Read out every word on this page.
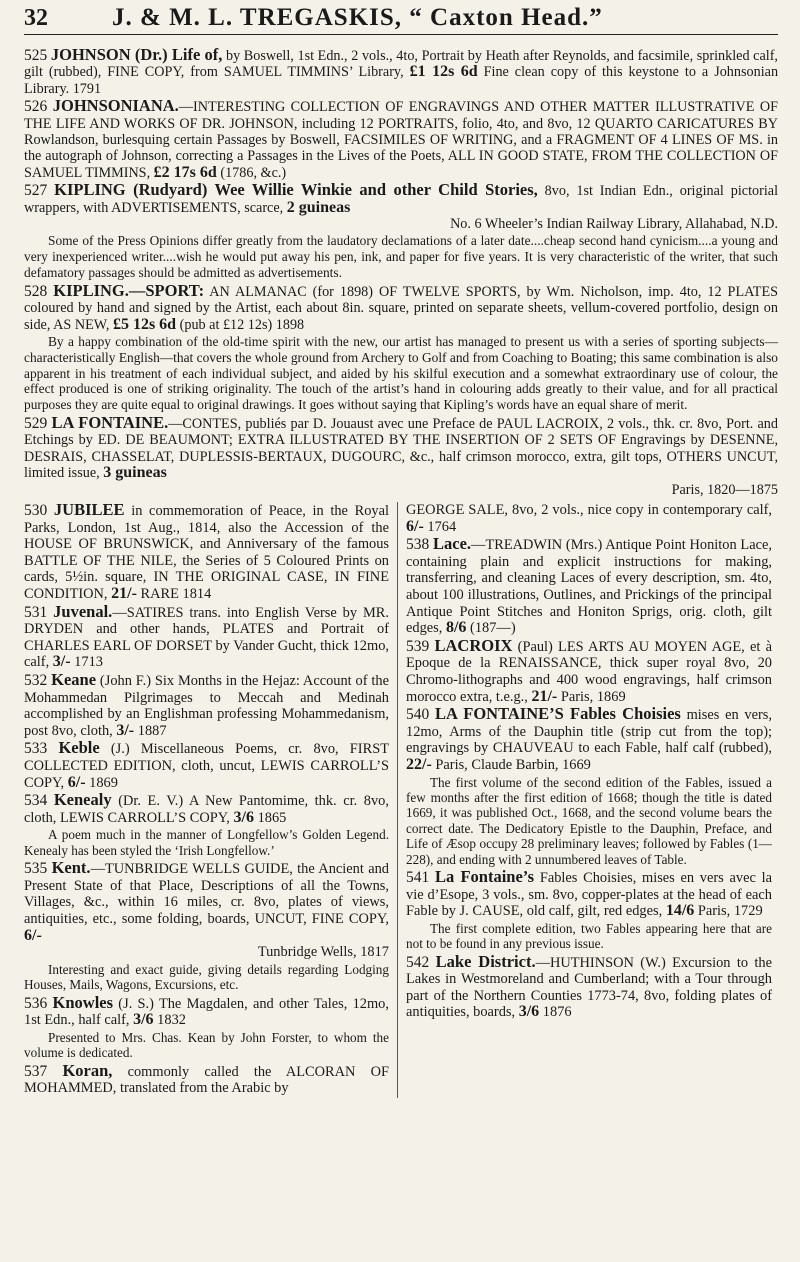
32	J. & M. L. TREGASKIS, “ Caxton Head.”

525 JOHNSON (Dr.) Life of, by Boswell, 1st Edn., 2 vols., 4to, Portrait by Heath after Reynolds, and facsimile, sprinkled calf, gilt (rubbed), FINE COPY, from SAMUEL TIMMINS’ Library, £1 12s 6d Fine clean copy of this keystone to a Johnsonian Library. 1791

526 JOHNSONIANA.—INTERESTING COLLECTION OF ENGRAVINGS AND OTHER MATTER ILLUSTRATIVE OF THE LIFE AND WORKS OF DR. JOHNSON, including 12 PORTRAITS, folio, 4to, and 8vo, 12 QUARTO CARICATURES BY Rowlandson, burlesquing certain Passages by Boswell, FACSIMILES OF WRITING, and a FRAGMENT OF 4 LINES OF MS. in the autograph of Johnson, correcting a Passages in the Lives of the Poets, ALL IN GOOD STATE, FROM THE COLLECTION OF SAMUEL TIMMINS, £2 17s 6d (1786, &c.)

527 KIPLING (Rudyard) Wee Willie Winkie and other Child Stories, 8vo, 1st Indian Edn., original pictorial wrappers, with ADVERTISEMENTS, scarce, 2 guineas
No. 6 Wheeler’s Indian Railway Library, Allahabad, N.D.

Some of the Press Opinions differ greatly from the laudatory declamations of a later date....cheap second hand cynicism....a young and very inexperienced writer....wish he would put away his pen, ink, and paper for five years. It is very characteristic of the writer, that such defamatory passages should be admitted as advertisements.

528 KIPLING.—SPORT: AN ALMANAC (for 1898) OF TWELVE SPORTS, by Wm. Nicholson, imp. 4to, 12 PLATES coloured by hand and signed by the Artist, each about 8in. square, printed on separate sheets, vellum-covered portfolio, design on side, AS NEW, £5 12s 6d (pub at £12 12s) 1898

By a happy combination of the old-time spirit with the new, our artist has managed to present us with a series of sporting subjects—characteristically English—that covers the whole ground from Archery to Golf and from Coaching to Boating; this same combination is also apparent in his treatment of each individual subject, and aided by his skilful execution and a somewhat extraordinary use of colour, the effect produced is one of striking originality. The touch of the artist’s hand in colouring adds greatly to their value, and for all practical purposes they are quite equal to original drawings. It goes without saying that Kipling’s words have an equal share of merit.

529 LA FONTAINE.—CONTES, publiés par D. Jouaust avec une Preface de PAUL LACROIX, 2 vols., thk. cr. 8vo, Port. and Etchings by ED. DE BEAUMONT; EXTRA ILLUSTRATED BY THE INSERTION OF 2 SETS OF Engravings by DESENNE, DESRAIS, CHASSELAT, DUPLESSIS-BERTAUX, DUGOURC, &c., half crimson morocco, extra, gilt tops, OTHERS UNCUT, limited issue, 3 guineas
Paris, 1820—1875

530 JUBILEE in commemoration of Peace, in the Royal Parks, London, 1st Aug., 1814, also the Accession of the HOUSE OF BRUNSWICK, and Anniversary of the famous BATTLE OF THE NILE, the Series of 5 Coloured Prints on cards, 5½in. square, IN THE ORIGINAL CASE, IN FINE CONDITION, 21/- RARE 1814

531 Juvenal.—SATIRES trans. into English Verse by MR. DRYDEN and other hands, PLATES and Portrait of CHARLES EARL OF DORSET by Vander Gucht, thick 12mo, calf, 3/- 1713

532 Keane (John F.) Six Months in the Hejaz: Account of the Mohammedan Pilgrimages to Meccah and Medinah accomplished by an Englishman professing Mohammedanism, post 8vo, cloth, 3/- 1887

533 Keble (J.) Miscellaneous Poems, cr. 8vo, FIRST COLLECTED EDITION, cloth, uncut, LEWIS CARROLL’S COPY, 6/- 1869

534 Kenealy (Dr. E. V.) A New Pantomime, thk. cr. 8vo, cloth, LEWIS CARROLL’S COPY, 3/6 1865

A poem much in the manner of Longfellow’s Golden Legend. Kenealy has been styled the ‘Irish Longfellow.’

535 Kent.—TUNBRIDGE WELLS GUIDE, the Ancient and Present State of that Place, Descriptions of all the Towns, Villages, &c., within 16 miles, cr. 8vo, plates of views, antiquities, etc., some folding, boards, UNCUT, FINE COPY, 6/-
Tunbridge Wells, 1817

Interesting and exact guide, giving details regarding Lodging Houses, Mails, Wagons, Excursions, etc.

536 Knowles (J. S.) The Magdalen, and other Tales, 12mo, 1st Edn., half calf, 3/6 1832

Presented to Mrs. Chas. Kean by John Forster, to whom the volume is dedicated.

537 Koran, commonly called the ALCORAN OF MOHAMMED, translated from the Arabic by

GEORGE SALE, 8vo, 2 vols., nice copy in contemporary calf, 6/- 1764

538 Lace.—TREADWIN (Mrs.) Antique Point Honiton Lace, containing plain and explicit instructions for making, transferring, and cleaning Laces of every description, sm. 4to, about 100 illustrations, Outlines, and Prickings of the principal Antique Point Stitches and Honiton Sprigs, orig. cloth, gilt edges, 8/6 (187—)

539 LACROIX (Paul) LES ARTS AU MOYEN AGE, et à Epoque de la RENAISSANCE, thick super royal 8vo, 20 Chromo-lithographs and 400 wood engravings, half crimson morocco extra, t.e.g., 21/- Paris, 1869

540 LA FONTAINE’S Fables Choisies mises en vers, 12mo, Arms of the Dauphin title (strip cut from the top); engravings by CHAUVEAU to each Fable, half calf (rubbed), 22/- Paris, Claude Barbin, 1669

The first volume of the second edition of the Fables, issued a few months after the first edition of 1668; though the title is dated 1669, it was published Oct., 1668, and the second volume bears the correct date. The Dedicatory Epistle to the Dauphin, Preface, and Life of Æsop occupy 28 preliminary leaves; followed by Fables (1—228), and ending with 2 unnumbered leaves of Table.

541 La Fontaine’s Fables Choisies, mises en vers avec la vie d’Esope, 3 vols., sm. 8vo, copper-plates at the head of each Fable by J. CAUSE, old calf, gilt, red edges, 14/6 Paris, 1729

The first complete edition, two Fables appearing here that are not to be found in any previous issue.

542 Lake District.—HUTHINSON (W.) Excursion to the Lakes in Westmoreland and Cumberland; with a Tour through part of the Northern Counties 1773-74, 8vo, folding plates of antiquities, boards, 3/6 1876
